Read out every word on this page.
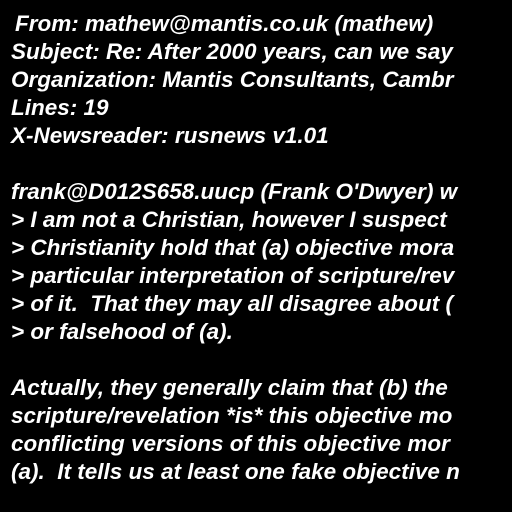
From: mathew@mantis.co.uk (mathew)
Subject: Re: After 2000 years, can we say
Organization: Mantis Consultants, Cambr
Lines: 19
X-Newsreader: rusnews v1.01
frank@D012S658.uucp (Frank O'Dwyer) w
> I am not a Christian, however I suspect
> Christianity hold that (a) objective mora
> particular interpretation of scripture/rev
> of it.  That they may all disagree about (
> or falsehood of (a).
Actually, they generally claim that (b) the
scripture/revelation *is* this objective mo
conflicting versions of this objective mor
(a).  It tells us at least one fake objective n
